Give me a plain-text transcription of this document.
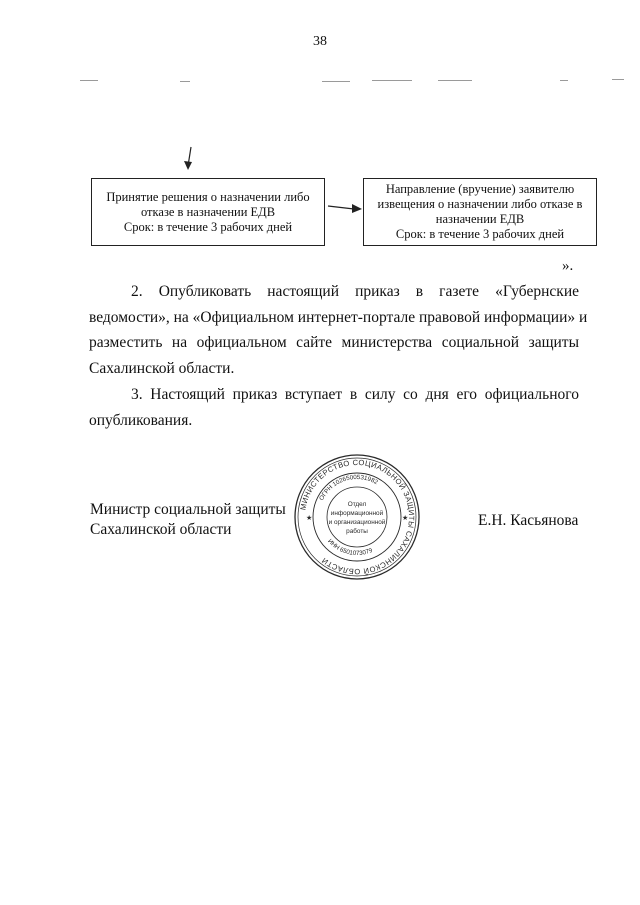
38
Принятие решения о назначении либо
отказе в назначении ЕДВ
Срок: в течение 3 рабочих дней
Направление (вручение) заявителю
извещения о назначении либо отказе в
назначении ЕДВ
Срок: в течение 3 рабочих дней
».
2. Опубликовать настоящий приказ в газете «Губернские
ведомости», на «Официальном интернет-портале правовой информации» и
разместить на официальном сайте министерства социальной защиты
Сахалинской области.
3. Настоящий приказ вступает в силу со дня его официального
опубликования.
Министр социальной защиты
Сахалинской области
МИНИСТЕРСТВО СОЦИАЛЬНОЙ ЗАЩИТЫ САХАЛИНСКОЙ ОБЛАСТИ
ОГРН 1026500531982
ИНН 6501073079
Отдел
информационной
и организационной
работы
★	★	Е.Н. Касьянова
